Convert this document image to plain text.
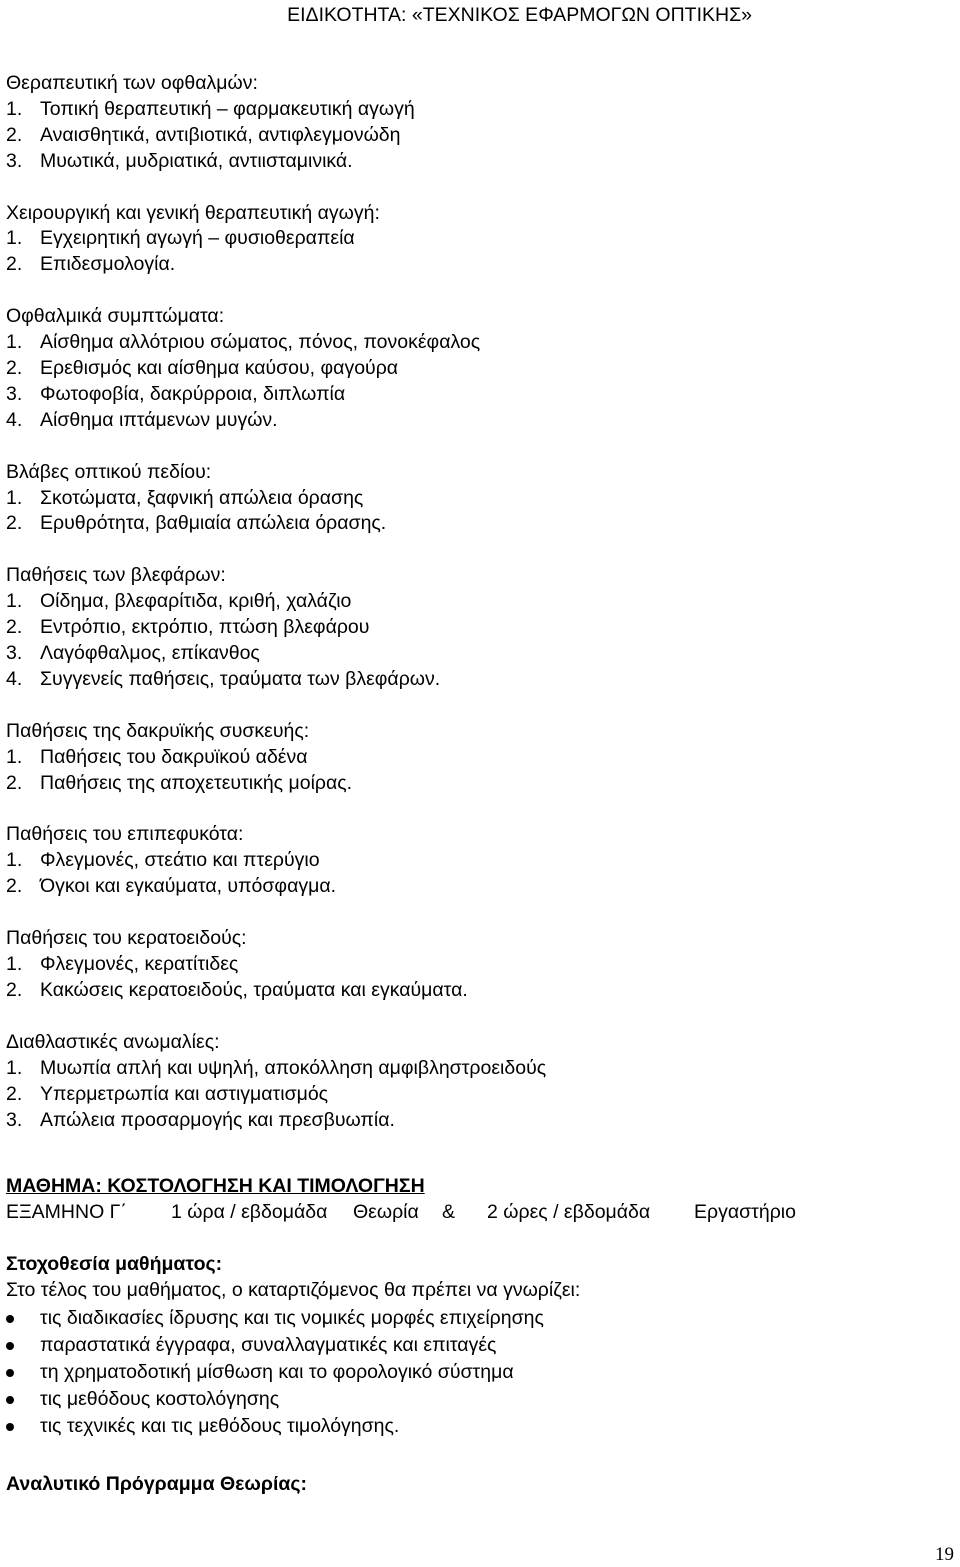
ΕΙΔΙΚΟΤΗΤΑ: «ΤΕΧΝΙΚΟΣ ΕΦΑΡΜΟΓΩΝ ΟΠΤΙΚΗΣ»
Θεραπευτική των οφθαλμών:
1. Τοπική θεραπευτική – φαρμακευτική αγωγή
2. Αναισθητικά, αντιβιοτικά, αντιφλεγμονώδη
3. Μυωτικά, μυδριατικά, αντιισταμινικά.
Χειρουργική και γενική θεραπευτική αγωγή:
1. Εγχειρητική αγωγή – φυσιοθεραπεία
2. Επιδεσμολογία.
Οφθαλμικά συμπτώματα:
1. Αίσθημα αλλότριου σώματος, πόνος, πονοκέφαλος
2. Ερεθισμός και αίσθημα καύσου, φαγούρα
3. Φωτοφοβία, δακρύρροια, διπλωπία
4. Αίσθημα ιπτάμενων μυγών.
Βλάβες οπτικού πεδίου:
1. Σκοτώματα, ξαφνική απώλεια όρασης
2. Ερυθρότητα, βαθμιαία απώλεια όρασης.
Παθήσεις των βλεφάρων:
1. Οίδημα, βλεφαρίτιδα, κριθή, χαλάζιο
2. Εντρόπιο, εκτρόπιο, πτώση βλεφάρου
3. Λαγόφθαλμος, επίκανθος
4. Συγγενείς παθήσεις, τραύματα των βλεφάρων.
Παθήσεις της δακρυϊκής συσκευής:
1. Παθήσεις του δακρυϊκού αδένα
2. Παθήσεις της αποχετευτικής μοίρας.
Παθήσεις του επιπεφυκότα:
1. Φλεγμονές, στεάτιο και πτερύγιο
2. Όγκοι και εγκαύματα, υπόσφαγμα.
Παθήσεις του κερατοειδούς:
1. Φλεγμονές, κερατίτιδες
2. Κακώσεις κερατοειδούς, τραύματα και εγκαύματα.
Διαθλαστικές ανωμαλίες:
1. Μυωπία απλή και υψηλή, αποκόλληση αμφιβληστροειδούς
2. Υπερμετρωπία και αστιγματισμός
3. Απώλεια προσαρμογής και πρεσβυωπία.
ΜΑΘΗΜΑ: ΚΟΣΤΟΛΟΓΗΣΗ ΚΑΙ ΤΙΜΟΛΟΓΗΣΗ
ΕΞΑΜΗΝΟ Γ΄ 1 ώρα / εβδομάδα Θεωρία & 2 ώρες / εβδομάδα Εργαστήριο
Στοχοθεσία μαθήματος:
Στο τέλος του μαθήματος, ο καταρτιζόμενος θα πρέπει να γνωρίζει:
τις διαδικασίες ίδρυσης και τις νομικές μορφές επιχείρησης
παραστατικά έγγραφα, συναλλαγματικές και επιταγές
τη χρηματοδοτική μίσθωση και το φορολογικό σύστημα
τις μεθόδους κοστολόγησης
τις τεχνικές και τις μεθόδους τιμολόγησης.
Αναλυτικό Πρόγραμμα Θεωρίας:
19
